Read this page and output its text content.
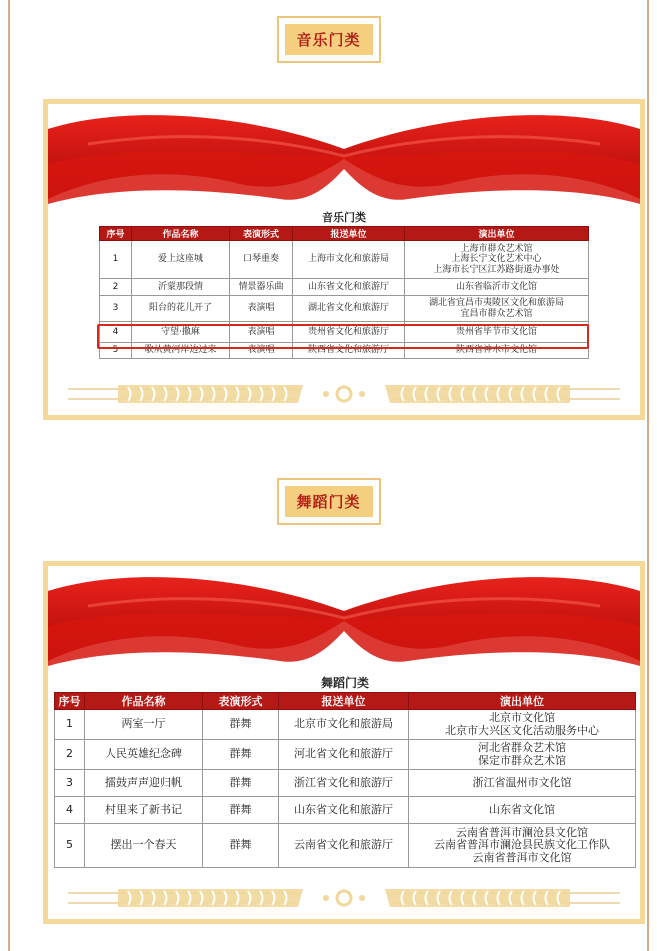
音乐门类
音乐门类
序号	作品名称	表演形式	报送单位	演出单位
1	爱上这座城	口琴重奏	上海市文化和旅游局	上海市群众艺术馆
上海长宁文化艺术中心
上海市长宁区江苏路街道办事处

2	沂蒙那段情	情景器乐曲	山东省文化和旅游厅	山东省临沂市文化馆

3	阳台的花儿开了	表演唱	湖北省文化和旅游厅	湖北省宜昌市夷陵区文化和旅游局
宜昌市群众艺术馆

4	守望·撒麻	表演唱	贵州省文化和旅游厅	贵州省毕节市文化馆

5	歌从黄河岸边过来	表演唱	陕西省文化和旅游厅	陕西省神木市文化馆
舞蹈门类
舞蹈门类
序号	作品名称	表演形式	报送单位	演出单位
1	两室一厅	群舞	北京市文化和旅游局	北京市文化馆
北京市大兴区文化活动服务中心

2	人民英雄纪念碑	群舞	河北省文化和旅游厅	河北省群众艺术馆
保定市群众艺术馆

3	擂鼓声声迎归帆	群舞	浙江省文化和旅游厅	浙江省温州市文化馆

4	村里来了新书记	群舞	山东省文化和旅游厅	山东省文化馆

5	摆出一个春天	群舞	云南省文化和旅游厅	云南省普洱市澜沧县文化馆
云南省普洱市澜沧县民族文化工作队
云南省普洱市文化馆
